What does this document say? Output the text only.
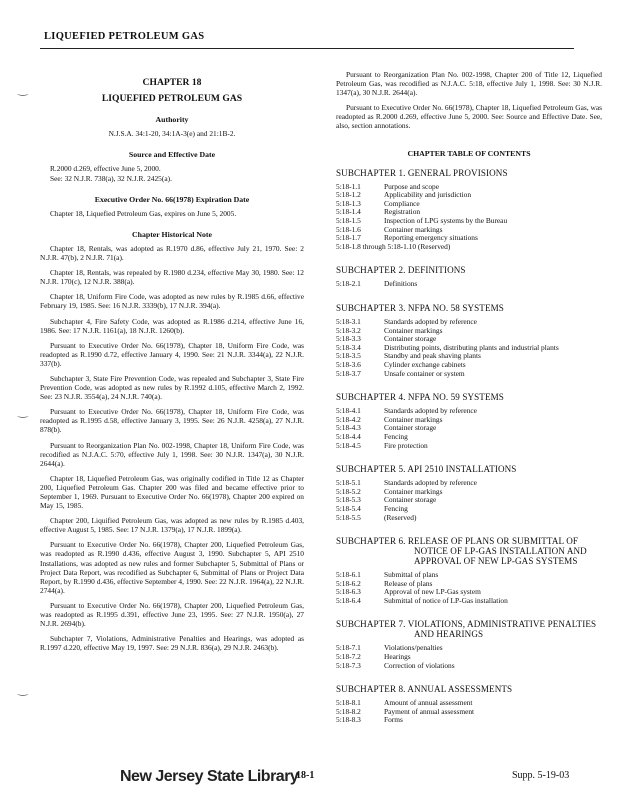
LIQUEFIED PETROLEUM GAS
‿
‿
‿
CHAPTER 18
LIQUEFIED PETROLEUM GAS
Authority
N.J.S.A. 34:1-20, 34:1A-3(e) and 21:1B-2.
Source and Effective Date

R.2000 d.269, effective June 5, 2000.

See: 32 N.J.R. 738(a), 32 N.J.R. 2425(a).

Executive Order No. 66(1978) Expiration Date

Chapter 18, Liquefied Petroleum Gas, expires on June 5, 2005.

Chapter Historical Note

Chapter 18, Rentals, was adopted as R.1970 d.86, effective July 21, 1970. See: 2 N.J.R. 47(b), 2 N.J.R. 71(a).

Chapter 18, Rentals, was repealed by R.1980 d.234, effective May 30, 1980. See: 12 N.J.R. 170(c), 12 N.J.R. 388(a).

Chapter 18, Uniform Fire Code, was adopted as new rules by R.1985 d.66, effective February 19, 1985. See: 16 N.J.R. 3339(b), 17 N.J.R. 394(a).

Subchapter 4, Fire Safety Code, was adopted as R.1986 d.214, effective June 16, 1986. See: 17 N.J.R. 1161(a), 18 N.J.R. 1260(b).

Pursuant to Executive Order No. 66(1978), Chapter 18, Uniform Fire Code, was readopted as R.1990 d.72, effective January 4, 1990. See: 21 N.J.R. 3344(a), 22 N.J.R. 337(b).

Subchapter 3, State Fire Prevention Code, was repealed and Subchapter 3, State Fire Prevention Code, was adopted as new rules by R.1992 d.105, effective March 2, 1992. See: 23 N.J.R. 3554(a), 24 N.J.R. 740(a).

Pursuant to Executive Order No. 66(1978), Chapter 18, Uniform Fire Code, was readopted as R.1995 d.58, effective January 3, 1995. See: 26 N.J.R. 4258(a), 27 N.J.R. 878(b).

Pursuant to Reorganization Plan No. 002-1998, Chapter 18, Uniform Fire Code, was recodified as N.J.A.C. 5:70, effective July 1, 1998. See: 30 N.J.R. 1347(a), 30 N.J.R. 2644(a).

Chapter 18, Liquefied Petroleum Gas, was originally codified in Title 12 as Chapter 200, Liquefied Petroleum Gas. Chapter 200 was filed and became effective prior to September 1, 1969. Pursuant to Executive Order No. 66(1978), Chapter 200 expired on May 15, 1985.

Chapter 200, Liquified Petroleum Gas, was adopted as new rules by R.1985 d.403, effective August 5, 1985. See: 17 N.J.R. 1379(a), 17 N.J.R. 1899(a).

Pursuant to Executive Order No. 66(1978), Chapter 200, Liquefied Petroleum Gas, was readopted as R.1990 d.436, effective August 3, 1990. Subchapter 5, API 2510 Installations, was adopted as new rules and former Subchapter 5, Submittal of Plans or Project Data Report, was recodified as Subchapter 6, Submittal of Plans or Project Data Report, by R.1990 d.436, effective September 4, 1990. See: 22 N.J.R. 1964(a), 22 N.J.R. 2744(a).

Pursuant to Executive Order No. 66(1978), Chapter 200, Liquefied Petroleum Gas, was readopted as R.1995 d.391, effective June 23, 1995. See: 27 N.J.R. 1950(a), 27 N.J.R. 2694(b).

Subchapter 7, Violations, Administrative Penalties and Hearings, was adopted as R.1997 d.220, effective May 19, 1997. See: 29 N.J.R. 836(a), 29 N.J.R. 2463(b).

Pursuant to Reorganization Plan No. 002-1998, Chapter 200 of Title 12, Liquefied Petroleum Gas, was recodified as N.J.A.C. 5:18, effective July 1, 1998. See: 30 N.J.R. 1347(a), 30 N.J.R. 2644(a).

Pursuant to Executive Order No. 66(1978), Chapter 18, Liquefied Petroleum Gas, was readopted as R.2000 d.269, effective June 5, 2000. See: Source and Effective Date. See, also, section annotations.

CHAPTER TABLE OF CONTENTS
SUBCHAPTER 1. GENERAL PROVISIONS
5:18-1.1	Purpose and scope
5:18-1.2	Applicability and jurisdiction
5:18-1.3	Compliance
5:18-1.4	Registration
5:18-1.5	Inspection of LPG systems by the Bureau
5:18-1.6	Container markings
5:18-1.7	Reporting emergency situations
5:18-1.8 through 5:18-1.10 (Reserved)
SUBCHAPTER 2. DEFINITIONS
5:18-2.1	Definitions
SUBCHAPTER 3. NFPA NO. 58 SYSTEMS
5:18-3.1	Standards adopted by reference
5:18-3.2	Container markings
5:18-3.3	Container storage
5:18-3.4	Distributing points, distributing plants and industrial plants
5:18-3.5	Standby and peak shaving plants
5:18-3.6	Cylinder exchange cabinets
5:18-3.7	Unsafe container or system
SUBCHAPTER 4. NFPA NO. 59 SYSTEMS
5:18-4.1	Standards adopted by reference
5:18-4.2	Container markings
5:18-4.3	Container storage
5:18-4.4	Fencing
5:18-4.5	Fire protection
SUBCHAPTER 5. API 2510 INSTALLATIONS
5:18-5.1	Standards adopted by reference
5:18-5.2	Container markings
5:18-5.3	Container storage
5:18-5.4	Fencing
5:18-5.5	(Reserved)
SUBCHAPTER 6. RELEASE OF PLANS OR SUBMITTAL OF NOTICE OF LP-GAS INSTALLATION AND APPROVAL OF NEW LP-GAS SYSTEMS
5:18-6.1	Submittal of plans
5:18-6.2	Release of plans
5:18-6.3	Approval of new LP-Gas system
5:18-6.4	Submittal of notice of LP-Gas installation
SUBCHAPTER 7. VIOLATIONS, ADMINISTRATIVE PENALTIES AND HEARINGS
5:18-7.1	Violations/penalties
5:18-7.2	Hearings
5:18-7.3	Correction of violations
SUBCHAPTER 8. ANNUAL ASSESSMENTS
5:18-8.1	Amount of annual assessment
5:18-8.2	Payment of annual assessment
5:18-8.3	Forms
New Jersey State Library
18-1	Supp. 5-19-03
